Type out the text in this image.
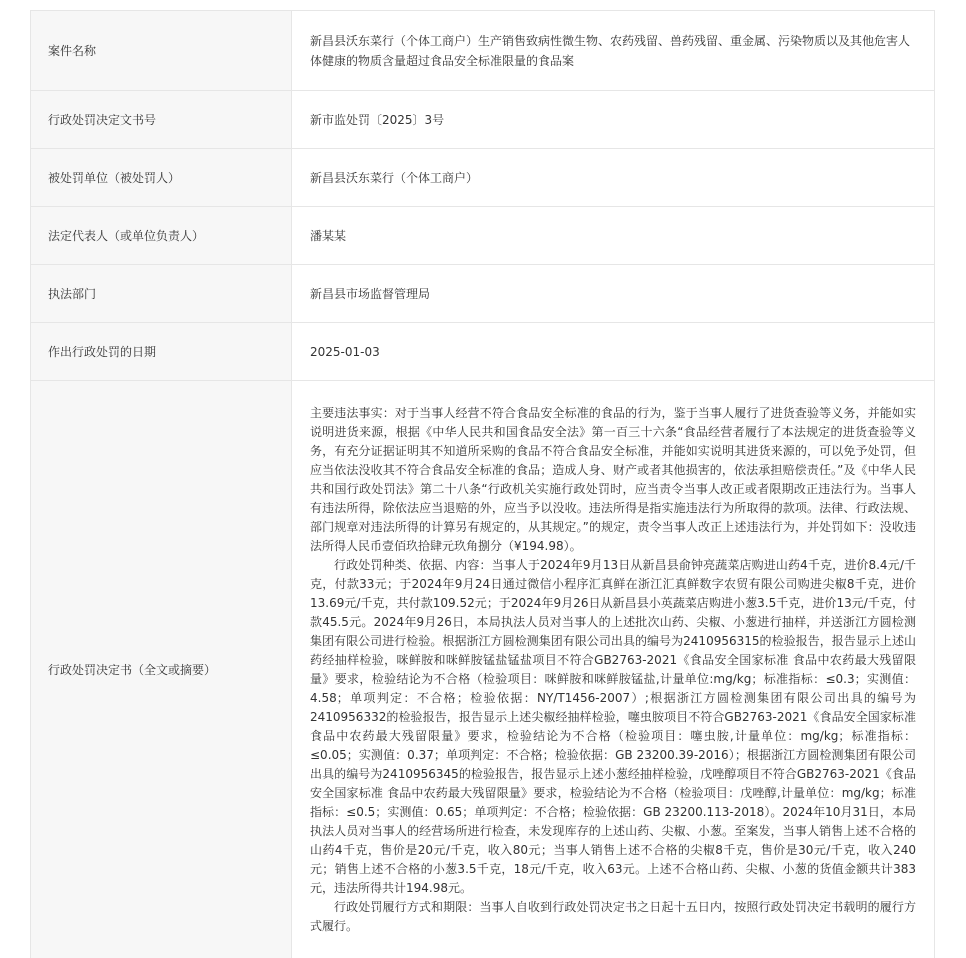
案件名称	新昌县沃东菜行（个体工商户）生产销售致病性微生物、农药残留、兽药残留、重金属、污染物质以及其他危害人体健康的物质含量超过食品安全标准限量的食品案
行政处罚决定文书号	新市监处罚〔2025〕3号
被处罚单位（被处罚人）	新昌县沃东菜行（个体工商户）
法定代表人（或单位负责人）	潘某某
执法部门	新昌县市场监督管理局
作出行政处罚的日期	2025-01-03
行政处罚决定书（全文或摘要）	主要违法事实：对于当事人经营不符合食品安全标准的食品的行为，鉴于当事人履行了进货查验等义务，并能如实说明进货来源，根据《中华人民共和国食品安全法》第一百三十六条“食品经营者履行了本法规定的进货查验等义务，有充分证据证明其不知道所采购的食品不符合食品安全标准，并能如实说明其进货来源的，可以免予处罚，但应当依法没收其不符合食品安全标准的食品；造成人身、财产或者其他损害的，依法承担赔偿责任。”及《中华人民共和国行政处罚法》第二十八条“行政机关实施行政处罚时，应当责令当事人改正或者限期改正违法行为。当事人有违法所得，除依法应当退赔的外，应当予以没收。违法所得是指实施违法行为所取得的款项。法律、行政法规、部门规章对违法所得的计算另有规定的，从其规定。”的规定，责令当事人改正上述违法行为，并处罚如下：没收违法所得人民币壹佰玖拾肆元玖角捌分（¥194.98）。

行政处罚种类、依据、内容：当事人于2024年9月13日从新昌县俞钟亮蔬菜店购进山药4千克，进价8.4元/千克，付款33元；于2024年9月24日通过微信小程序汇真鲜在浙江汇真鲜数字农贸有限公司购进尖椒8千克，进价13.69元/千克，共付款109.52元；于2024年9月26日从新昌县小英蔬菜店购进小葱3.5千克，进价13元/千克，付款45.5元。2024年9月26日，本局执法人员对当事人的上述批次山药、尖椒、小葱进行抽样，并送浙江方圆检测集团有限公司进行检验。根据浙江方圆检测集团有限公司出具的编号为2410956315的检验报告，报告显示上述山药经抽样检验，咪鲜胺和咪鲜胺锰盐锰盐项目不符合GB2763-2021《食品安全国家标准 食品中农药最大残留限量》要求，检验结论为不合格（检验项目：咪鲜胺和咪鲜胺锰盐,计量单位:mg/kg；标准指标：≤0.3；实测值：4.58；单项判定：不合格；检验依据：NY/T1456-2007）;根据浙江方圆检测集团有限公司出具的编号为2410956332的检验报告，报告显示上述尖椒经抽样检验，噻虫胺项目不符合GB2763-2021《食品安全国家标准 食品中农药最大残留限量》要求，检验结论为不合格（检验项目：噻虫胺,计量单位：mg/kg；标准指标：≤0.05；实测值：0.37；单项判定：不合格；检验依据：GB 23200.39-2016）；根据浙江方圆检测集团有限公司出具的编号为2410956345的检验报告，报告显示上述小葱经抽样检验，戊唑醇项目不符合GB2763-2021《食品安全国家标准 食品中农药最大残留限量》要求，检验结论为不合格（检验项目：戊唑醇,计量单位：mg/kg；标准指标：≤0.5；实测值：0.65；单项判定：不合格；检验依据：GB 23200.113-2018）。2024年10月31日，本局执法人员对当事人的经营场所进行检查，未发现库存的上述山药、尖椒、小葱。至案发，当事人销售上述不合格的山药4千克，售价是20元/千克，收入80元；当事人销售上述不合格的尖椒8千克，售价是30元/千克，收入240元；销售上述不合格的小葱3.5千克，18元/千克，收入63元。上述不合格山药、尖椒、小葱的货值金额共计383元，违法所得共计194.98元。

行政处罚履行方式和期限：当事人自收到行政处罚决定书之日起十五日内，按照行政处罚决定书载明的履行方式履行。
